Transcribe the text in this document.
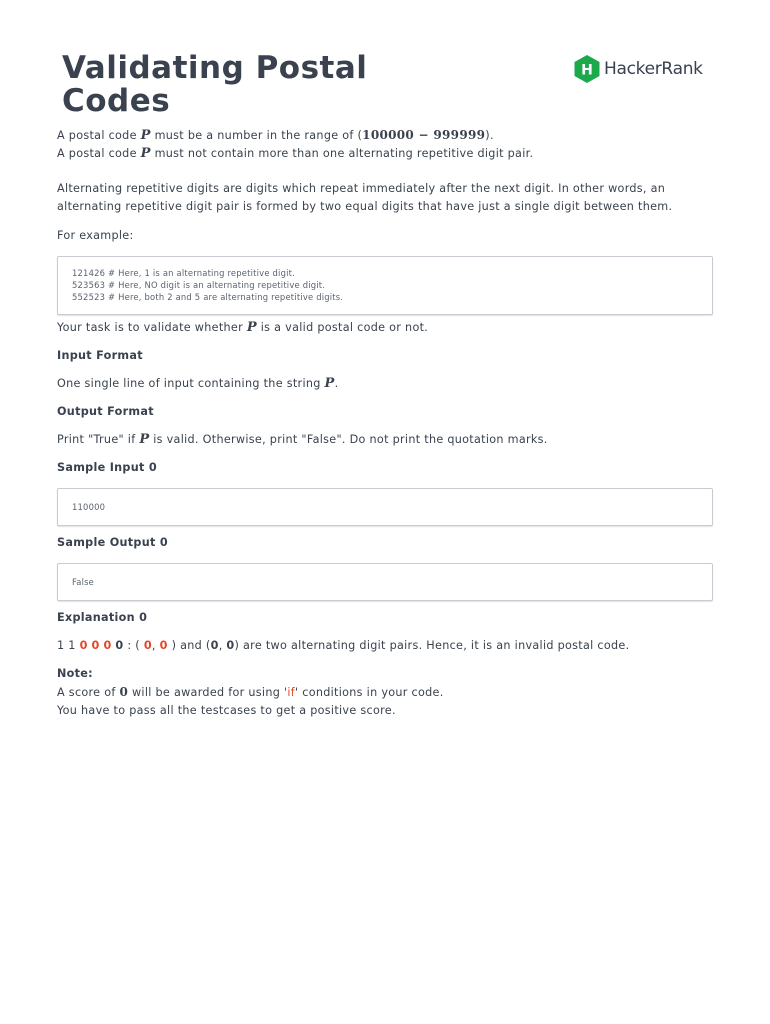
Validating Postal Codes
H HackerRank

A postal code P must be a number in the range of (100000 − 999999).

A postal code P must not contain more than one alternating repetitive digit pair.

Alternating repetitive digits are digits which repeat immediately after the next digit. In other words, an alternating repetitive digit pair is formed by two equal digits that have just a single digit between them.

For example:

121426 # Here, 1 is an alternating repetitive digit.
523563 # Here, NO digit is an alternating repetitive digit.
552523 # Here, both 2 and 5 are alternating repetitive digits.

Your task is to validate whether P is a valid postal code or not.

Input Format

One single line of input containing the string P.

Output Format

Print "True" if P is valid. Otherwise, print "False". Do not print the quotation marks.

Sample Input 0
110000
Sample Output 0
False
Explanation 0

1 1 0 0 0 0 : ( 0, 0 ) and (0, 0) are two alternating digit pairs. Hence, it is an invalid postal code.

Note:

A score of 0 will be awarded for using 'if' conditions in your code.

You have to pass all the testcases to get a positive score.
